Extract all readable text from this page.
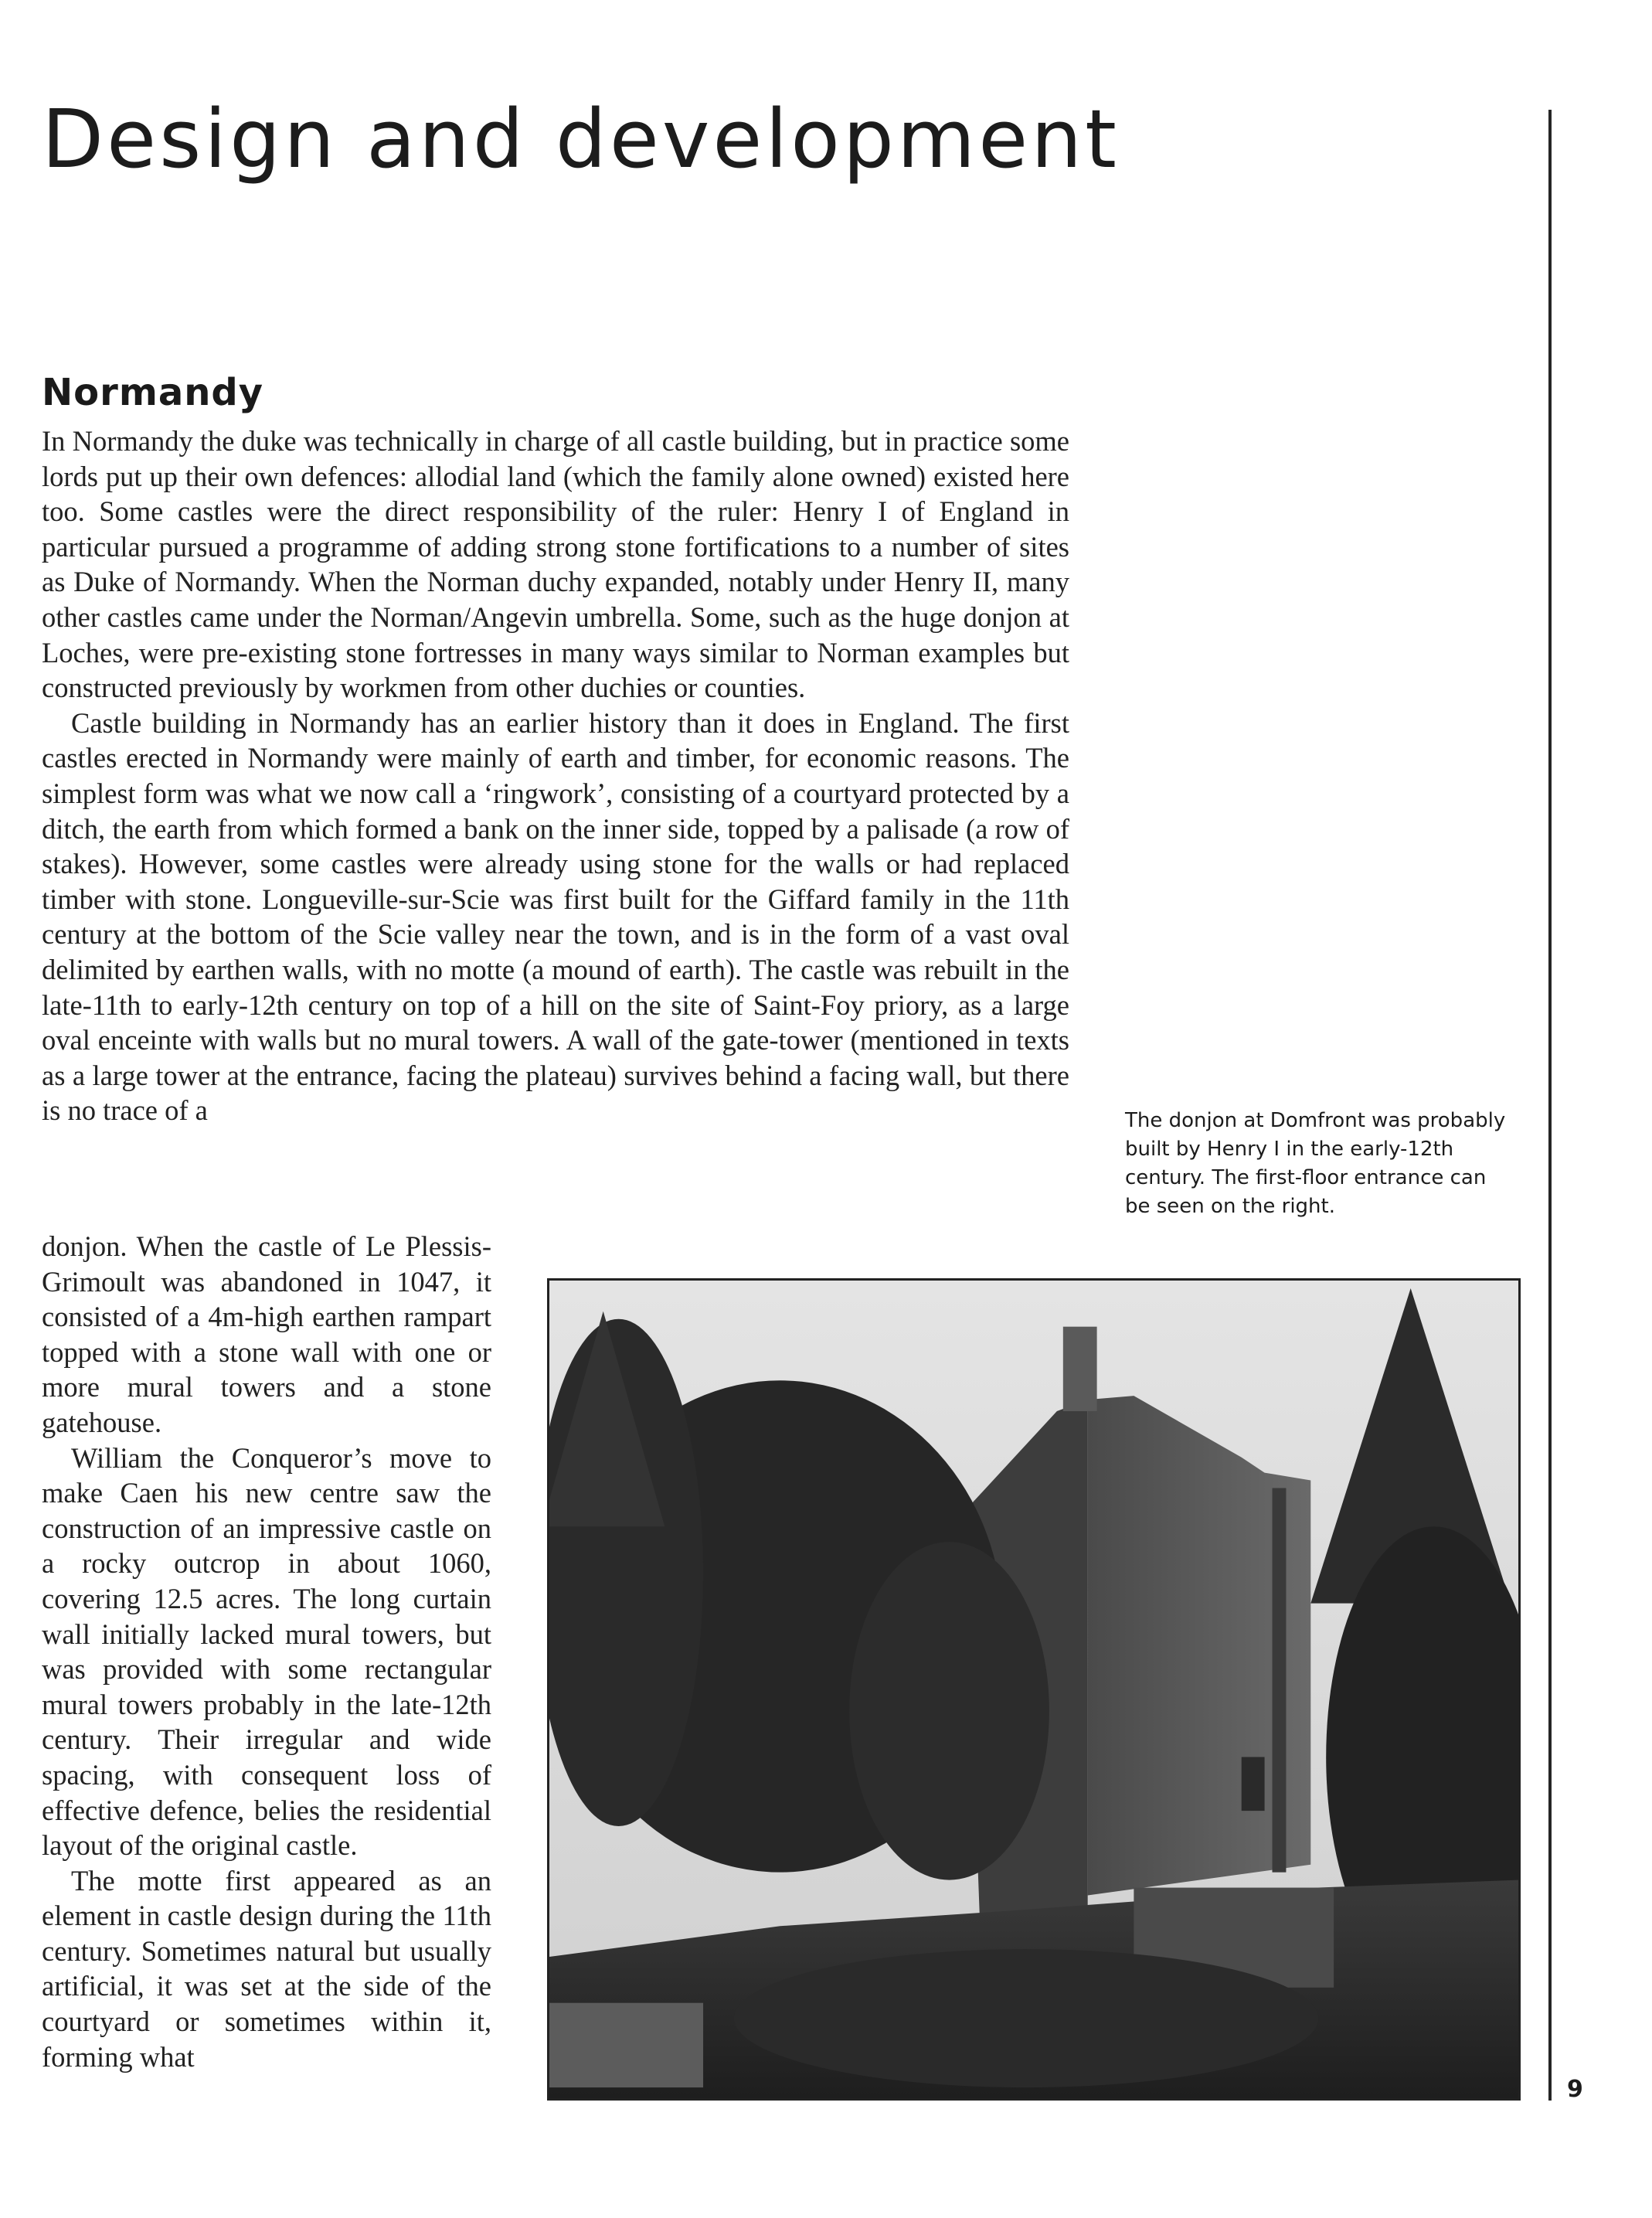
Design and development
Normandy

In Normandy the duke was technically in charge of all castle building, but in practice some lords put up their own defences: allodial land (which the family alone owned) existed here too. Some castles were the direct responsibility of the ruler: Henry I of England in particular pursued a programme of adding strong stone fortifications to a number of sites as Duke of Normandy. When the Norman duchy expanded, notably under Henry II, many other castles came under the Norman/Angevin umbrella. Some, such as the huge donjon at Loches, were pre-existing stone fortresses in many ways similar to Norman examples but constructed previously by workmen from other duchies or counties.

Castle building in Normandy has an earlier history than it does in England. The first castles erected in Normandy were mainly of earth and timber, for economic reasons. The simplest form was what we now call a ‘ringwork’, consisting of a courtyard protected by a ditch, the earth from which formed a bank on the inner side, topped by a palisade (a row of stakes). However, some castles were already using stone for the walls or had replaced timber with stone. Longueville-sur-Scie was first built for the Giffard family in the 11th century at the bottom of the Scie valley near the town, and is in the form of a vast oval delimited by earthen walls, with no motte (a mound of earth). The castle was rebuilt in the late-11th to early-12th century on top of a hill on the site of Saint-Foy priory, as a large oval enceinte with walls but no mural towers. A wall of the gate-tower (mentioned in texts as a large tower at the entrance, facing the plateau) survives behind a facing wall, but there is no trace of a

donjon. When the castle of Le Plessis-Grimoult was abandoned in 1047, it consisted of a 4m-high earthen rampart topped with a stone wall with one or more mural towers and a stone gatehouse.

William the Conqueror’s move to make Caen his new centre saw the construction of an impressive castle on a rocky outcrop in about 1060, covering 12.5 acres. The long curtain wall initially lacked mural towers, but was provided with some rectangular mural towers probably in the late-12th century. Their irregular and wide spacing, with consequent loss of effective defence, belies the residential layout of the original castle.

The motte first appeared as an element in castle design during the 11th century. Sometimes natural but usually artificial, it was set at the side of the courtyard or sometimes within it, forming what

The donjon at Domfront was probably built by Henry I in the early-12th century. The first-floor entrance can be seen on the right.
9
